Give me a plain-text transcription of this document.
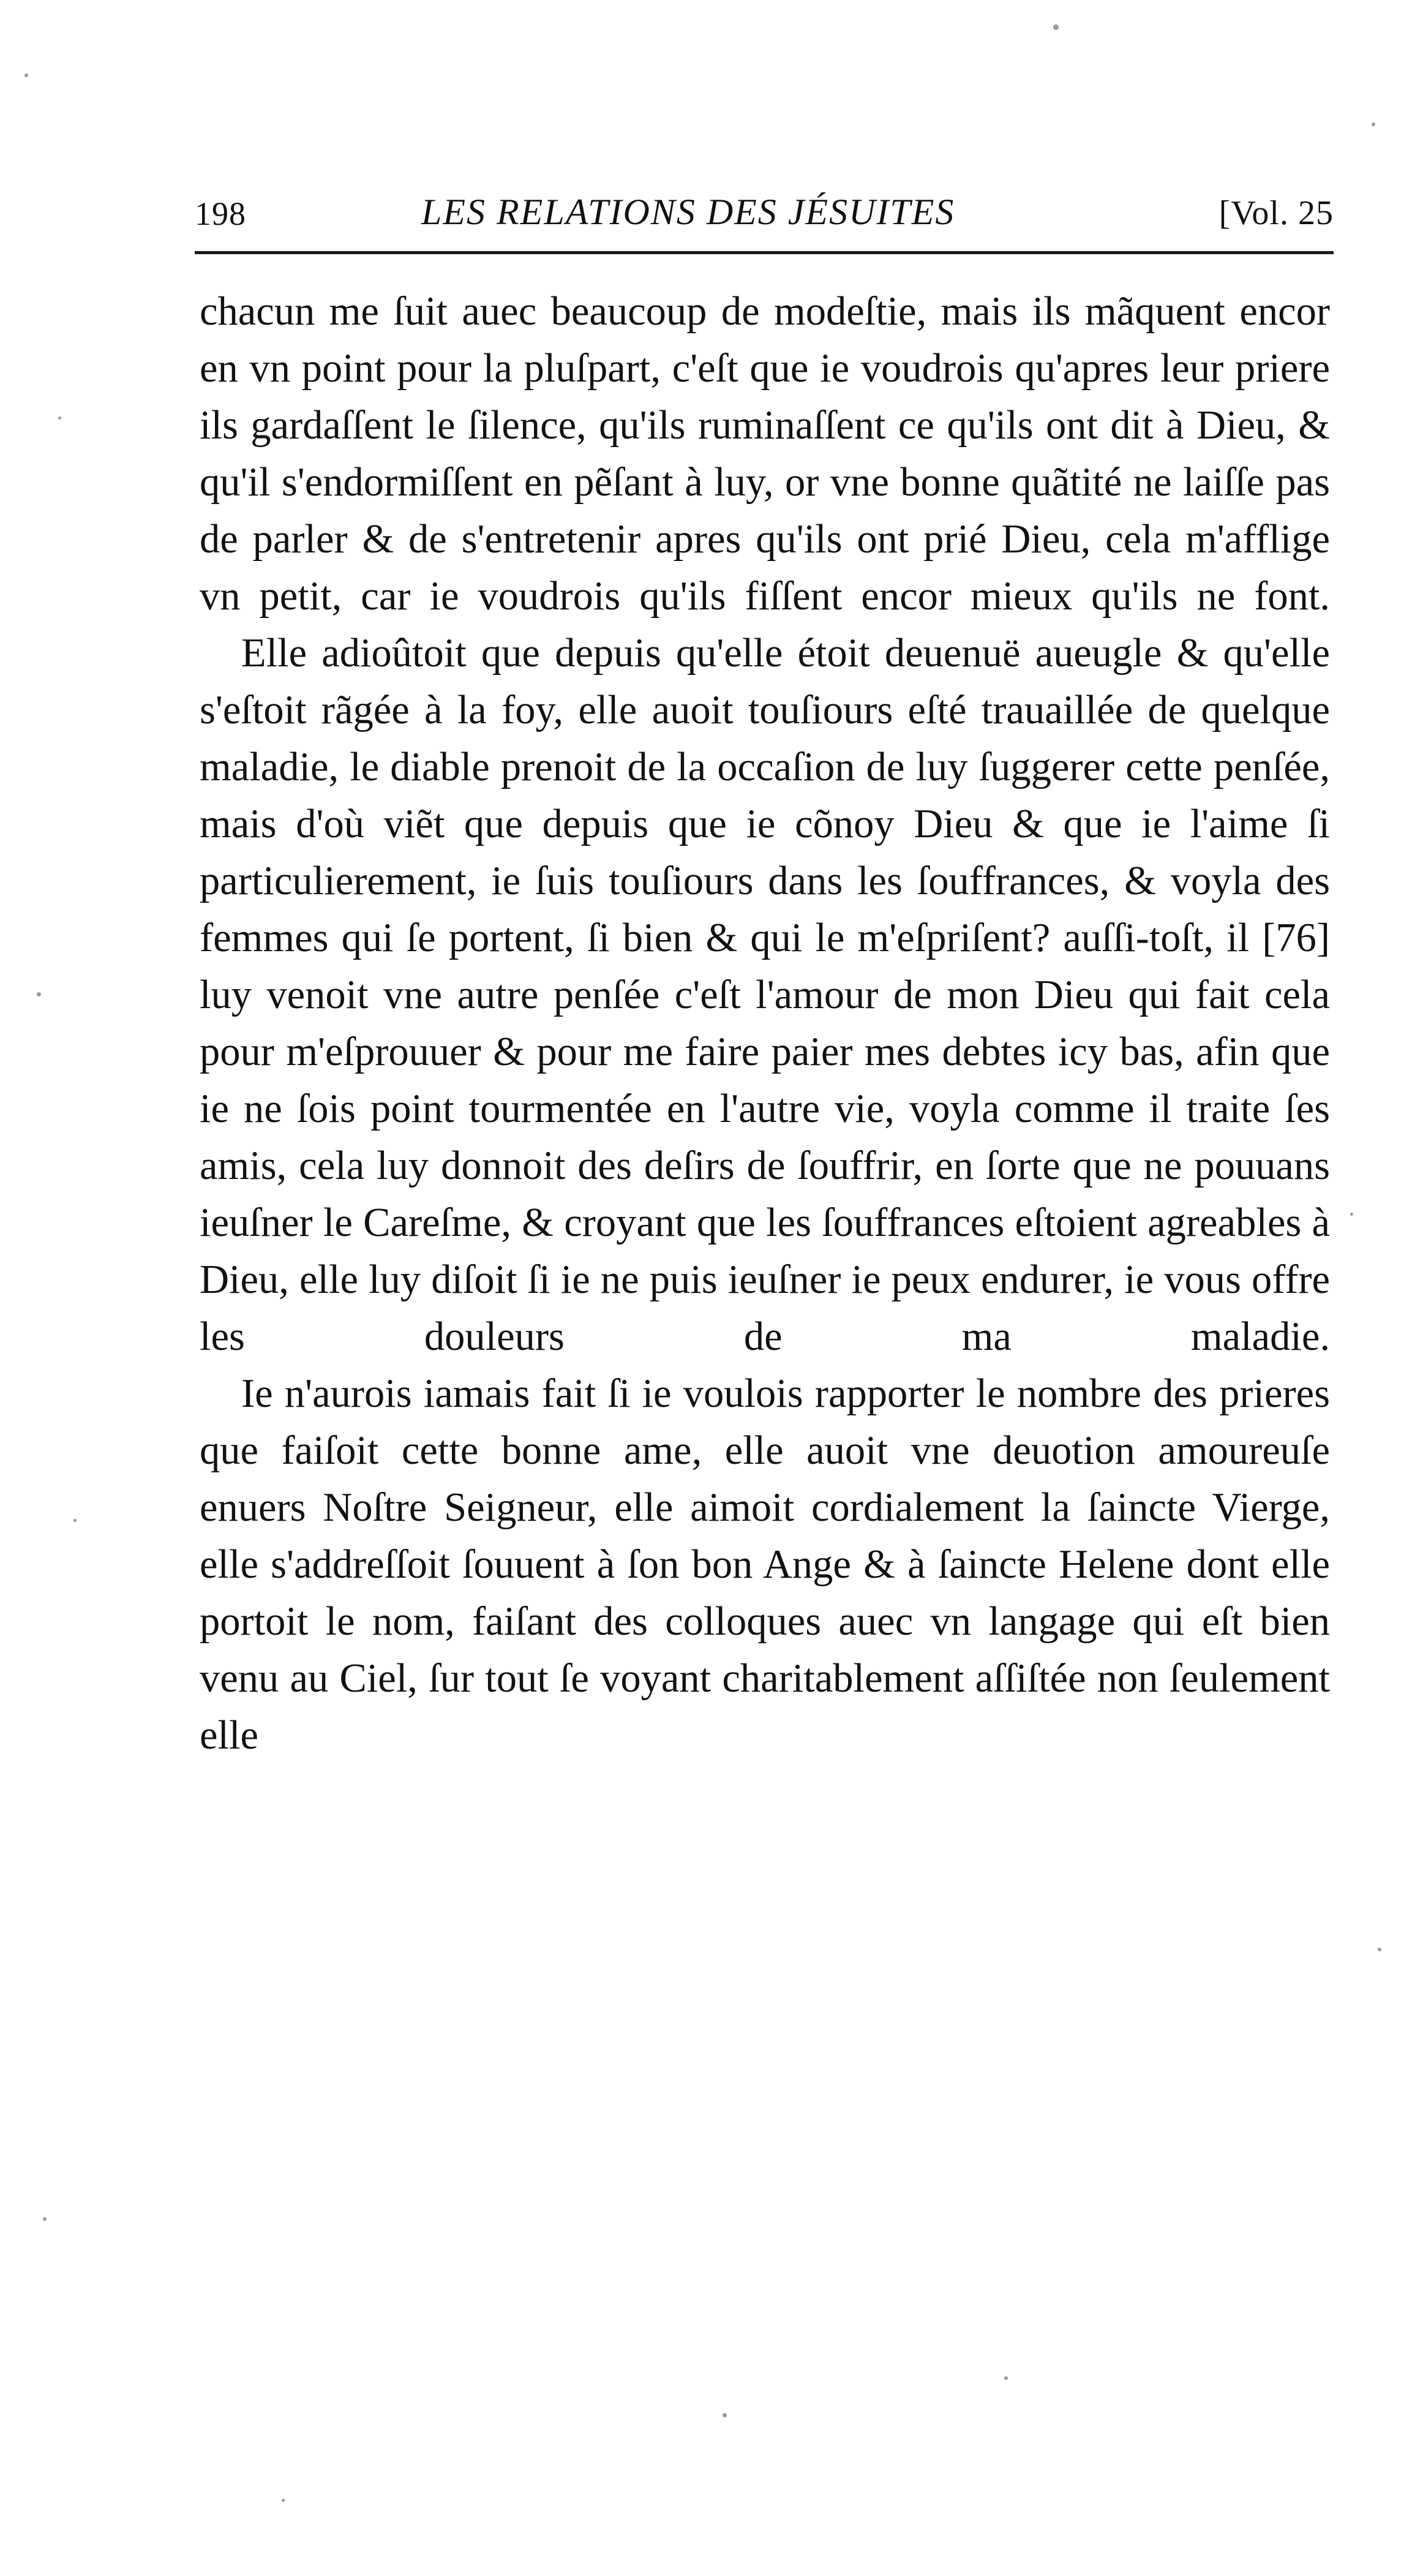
198	LES RELATIONS DES JÉSUITES	[Vol. 25

chacun me ſuit auec beaucoup de modeſtie, mais ils mãquent encor en vn point pour la pluſpart, c'eſt que ie voudrois qu'apres leur priere ils gardaſſent le ſilence, qu'ils ruminaſſent ce qu'ils ont dit à Dieu, & qu'il s'endormiſſent en pẽſant à luy, or vne bonne quãtité ne laiſſe pas de parler & de s'entretenir apres qu'ils ont prié Dieu, cela m'afflige vn petit, car ie voudrois qu'ils fiſſent encor mieux qu'ils ne font.

Elle adioûtoit que depuis qu'elle étoit deuenuë aueugle & qu'elle s'eſtoit rãgée à la foy, elle auoit touſiours eſté trauaillée de quelque maladie, le diable prenoit de la occaſion de luy ſuggerer cette penſée, mais d'où viẽt que depuis que ie cõnoy Dieu & que ie l'aime ſi particulierement, ie ſuis touſiours dans les ſouffrances, & voyla des femmes qui ſe portent, ſi bien & qui le m'eſpriſent? auſſi-toſt, il [76] luy venoit vne autre penſée c'eſt l'amour de mon Dieu qui fait cela pour m'eſprouuer & pour me faire paier mes debtes icy bas, afin que ie ne ſois point tourmentée en l'autre vie, voyla comme il traite ſes amis, cela luy donnoit des deſirs de ſouffrir, en ſorte que ne pouuans ieuſner le Careſme, & croyant que les ſouffrances eſtoient agreables à Dieu, elle luy diſoit ſi ie ne puis ieuſner ie peux endurer, ie vous offre les douleurs de ma maladie.

Ie n'aurois iamais fait ſi ie voulois rapporter le nombre des prieres que faiſoit cette bonne ame, elle auoit vne deuotion amoureuſe enuers Noſtre Seigneur, elle aimoit cordialement la ſaincte Vierge, elle s'addreſſoit ſouuent à ſon bon Ange & à ſaincte Helene dont elle portoit le nom, faiſant des colloques auec vn langage qui eſt bien venu au Ciel, ſur tout ſe voyant charitablement aſſiſtée non ſeulement elle
